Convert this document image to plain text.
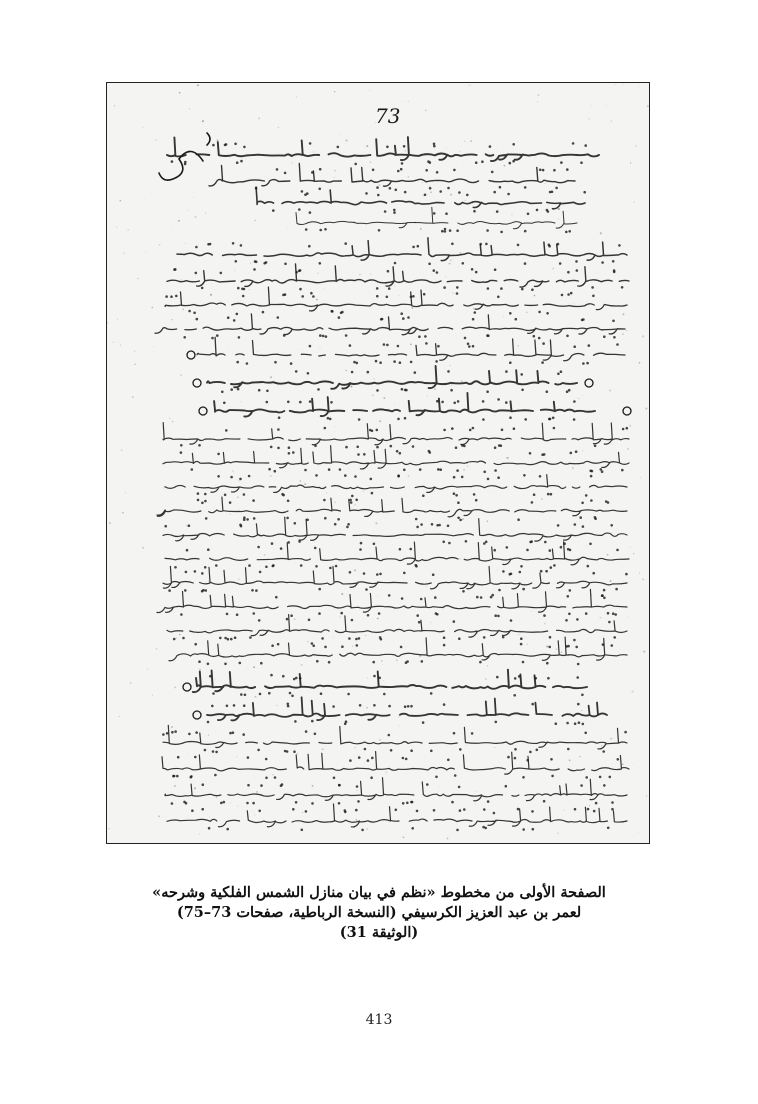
73
الصفحة الأولى من مخطوط «نظم في بيان منازل الشمس الفلكية وشرحه»
لعمر بن عبد العزيز الكرسيفي (النسخة الرباطية، صفحات 73–75)
(الوثيقة 31)
413
